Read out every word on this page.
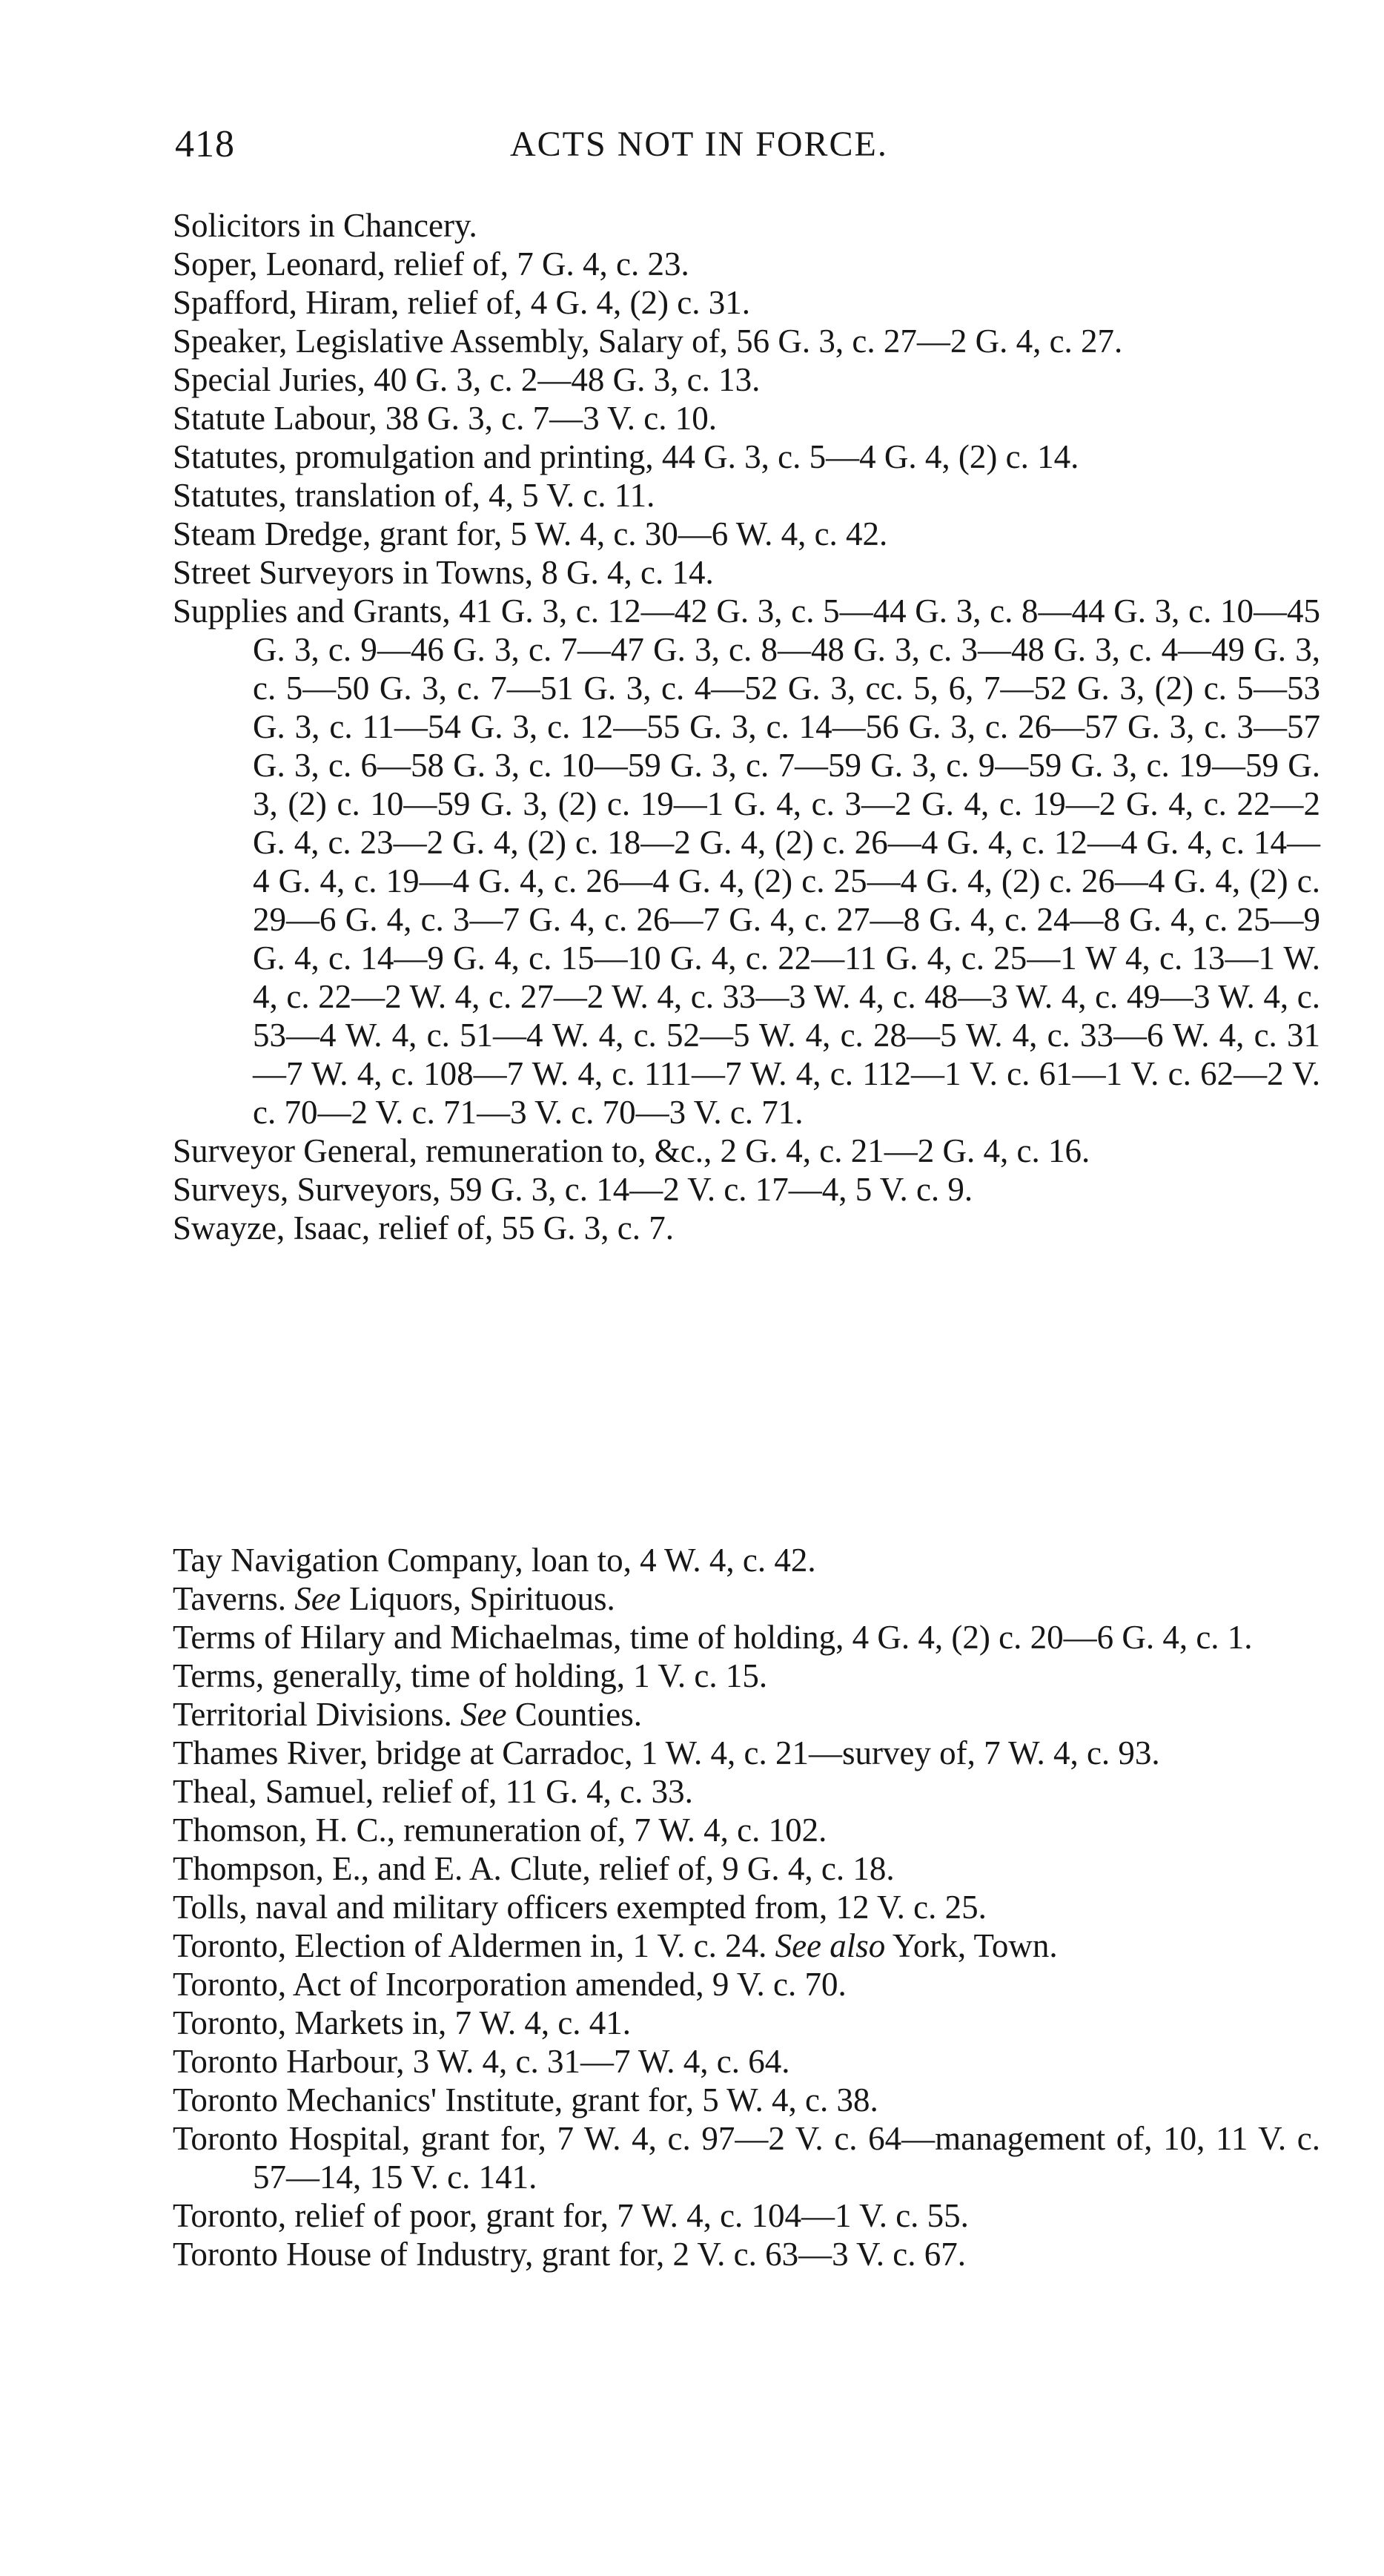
418	ACTS NOT IN FORCE.
Solicitors in Chancery.
Soper, Leonard, relief of, 7 G. 4, c. 23.
Spafford, Hiram, relief of, 4 G. 4, (2) c. 31.
Speaker, Legislative Assembly, Salary of, 56 G. 3, c. 27—2 G. 4, c. 27.
Special Juries, 40 G. 3, c. 2—48 G. 3, c. 13.
Statute Labour, 38 G. 3, c. 7—3 V. c. 10.
Statutes, promulgation and printing, 44 G. 3, c. 5—4 G. 4, (2) c. 14.
Statutes, translation of, 4, 5 V. c. 11.
Steam Dredge, grant for, 5 W. 4, c. 30—6 W. 4, c. 42.
Street Surveyors in Towns, 8 G. 4, c. 14.
Supplies and Grants, 41 G. 3, c. 12—42 G. 3, c. 5—44 G. 3, c. 8—44 G. 3, c. 10—45 G. 3, c. 9—46 G. 3, c. 7—47 G. 3, c. 8—48 G. 3, c. 3—48 G. 3, c. 4—49 G. 3, c. 5—50 G. 3, c. 7—51 G. 3, c. 4—52 G. 3, cc. 5, 6, 7—52 G. 3, (2) c. 5—53 G. 3, c. 11—54 G. 3, c. 12—55 G. 3, c. 14—56 G. 3, c. 26—57 G. 3, c. 3—57 G. 3, c. 6—58 G. 3, c. 10—59 G. 3, c. 7—59 G. 3, c. 9—59 G. 3, c. 19—59 G. 3, (2) c. 10—59 G. 3, (2) c. 19—1 G. 4, c. 3—2 G. 4, c. 19—2 G. 4, c. 22—2 G. 4, c. 23—2 G. 4, (2) c. 18—2 G. 4, (2) c. 26—4 G. 4, c. 12—4 G. 4, c. 14—4 G. 4, c. 19—4 G. 4, c. 26—4 G. 4, (2) c. 25—4 G. 4, (2) c. 26—4 G. 4, (2) c. 29—6 G. 4, c. 3—7 G. 4, c. 26—7 G. 4, c. 27—8 G. 4, c. 24—8 G. 4, c. 25—9 G. 4, c. 14—9 G. 4, c. 15—10 G. 4, c. 22—11 G. 4, c. 25—1 W 4, c. 13—1 W. 4, c. 22—2 W. 4, c. 27—2 W. 4, c. 33—3 W. 4, c. 48—3 W. 4, c. 49—3 W. 4, c. 53—4 W. 4, c. 51—4 W. 4, c. 52—5 W. 4, c. 28—5 W. 4, c. 33—6 W. 4, c. 31—7 W. 4, c. 108—7 W. 4, c. 111—7 W. 4, c. 112—1 V. c. 61—1 V. c. 62—2 V. c. 70—2 V. c. 71—3 V. c. 70—3 V. c. 71.
Surveyor General, remuneration to, &c., 2 G. 4, c. 21—2 G. 4, c. 16.
Surveys, Surveyors, 59 G. 3, c. 14—2 V. c. 17—4, 5 V. c. 9.
Swayze, Isaac, relief of, 55 G. 3, c. 7.
Tay Navigation Company, loan to, 4 W. 4, c. 42.
Taverns. See Liquors, Spirituous.
Terms of Hilary and Michaelmas, time of holding, 4 G. 4, (2) c. 20—6 G. 4, c. 1.
Terms, generally, time of holding, 1 V. c. 15.
Territorial Divisions. See Counties.
Thames River, bridge at Carradoc, 1 W. 4, c. 21—survey of, 7 W. 4, c. 93.
Theal, Samuel, relief of, 11 G. 4, c. 33.
Thomson, H. C., remuneration of, 7 W. 4, c. 102.
Thompson, E., and E. A. Clute, relief of, 9 G. 4, c. 18.
Tolls, naval and military officers exempted from, 12 V. c. 25.
Toronto, Election of Aldermen in, 1 V. c. 24. See also York, Town.
Toronto, Act of Incorporation amended, 9 V. c. 70.
Toronto, Markets in, 7 W. 4, c. 41.
Toronto Harbour, 3 W. 4, c. 31—7 W. 4, c. 64.
Toronto Mechanics' Institute, grant for, 5 W. 4, c. 38.
Toronto Hospital, grant for, 7 W. 4, c. 97—2 V. c. 64—management of, 10, 11 V. c. 57—14, 15 V. c. 141.
Toronto, relief of poor, grant for, 7 W. 4, c. 104—1 V. c. 55.
Toronto House of Industry, grant for, 2 V. c. 63—3 V. c. 67.
